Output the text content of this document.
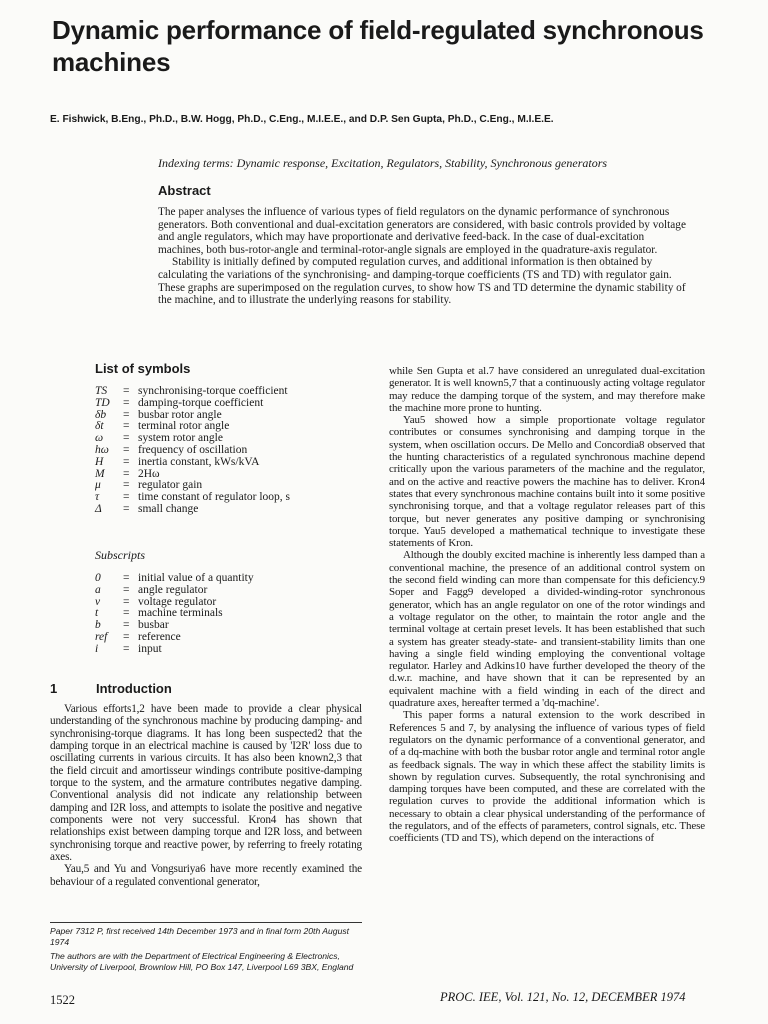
Dynamic performance of field-regulated synchronous machines
E. Fishwick, B.Eng., Ph.D., B.W. Hogg, Ph.D., C.Eng., M.I.E.E., and D.P. Sen Gupta, Ph.D., C.Eng., M.I.E.E.
Indexing terms: Dynamic response, Excitation, Regulators, Stability, Synchronous generators
Abstract

The paper analyses the influence of various types of field regulators on the dynamic performance of synchronous generators. Both conventional and dual-excitation generators are considered, with basic controls provided by voltage and angle regulators, which may have proportionate and derivative feed-back. In the case of dual-excitation machines, both bus-rotor-angle and terminal-rotor-angle signals are employed in the quadrature-axis regulator.

Stability is initially defined by computed regulation curves, and additional information is then obtained by calculating the variations of the synchronising- and damping-torque coefficients (TS and TD) with regulator gain. These graphs are superimposed on the regulation curves, to show how TS and TD determine the dynamic stability of the machine, and to illustrate the underlying reasons for stability.

List of symbols
TS	=	synchronising-torque coefficient
TD	=	damping-torque coefficient
δb	=	busbar rotor angle
δt	=	terminal rotor angle
ω	=	system rotor angle
hω	=	frequency of oscillation
H	=	inertia constant, kWs/kVA
M	=	2Hω
μ	=	regulator gain
τ	=	time constant of regulator loop, s
Δ	=	small change
Subscripts
0	=	initial value of a quantity
a	=	angle regulator
v	=	voltage regulator
t	=	machine terminals
b	=	busbar
ref	=	reference
i	=	input
1	Introduction

Various efforts1,2 have been made to provide a clear physical understanding of the synchronous machine by producing damping- and synchronising-torque diagrams. It has long been suspected2 that the damping torque in an electrical machine is caused by 'I2R' loss due to oscillating currents in various circuits. It has also been known2,3 that the field circuit and amortisseur windings contribute positive-damping torque to the system, and the armature contributes negative damping. Conventional analysis did not indicate any relationship between damping and I2R loss, and attempts to isolate the positive and negative components were not very successful. Kron4 has shown that relationships exist between damping torque and I2R loss, and between synchronising torque and reactive power, by referring to freely rotating axes.

Yau,5 and Yu and Vongsuriya6 have more recently examined the behaviour of a regulated conventional generator,

while Sen Gupta et al.7 have considered an unregulated dual-excitation generator. It is well known5,7 that a continuously acting voltage regulator may reduce the damping torque of the system, and may therefore make the machine more prone to hunting.

Yau5 showed how a simple proportionate voltage regulator contributes or consumes synchronising and damping torque in the system, when oscillation occurs. De Mello and Concordia8 observed that the hunting characteristics of a regulated synchronous machine depend critically upon the various parameters of the machine and the regulator, and on the active and reactive powers the machine has to deliver. Kron4 states that every synchronous machine contains built into it some positive synchronising torque, and that a voltage regulator releases part of this torque, but never generates any positive damping or synchronising torque. Yau5 developed a mathematical technique to investigate these statements of Kron.

Although the doubly excited machine is inherently less damped than a conventional machine, the presence of an additional control system on the second field winding can more than compensate for this deficiency.9 Soper and Fagg9 developed a divided-winding-rotor synchronous generator, which has an angle regulator on one of the rotor windings and a voltage regulator on the other, to maintain the rotor angle and the terminal voltage at certain preset levels. It has been established that such a system has greater steady-state- and transient-stability limits than one having a single field winding employing the conventional voltage regulator. Harley and Adkins10 have further developed the theory of the d.w.r. machine, and have shown that it can be represented by an equivalent machine with a field winding in each of the direct and quadrature axes, hereafter termed a 'dq-machine'.

This paper forms a natural extension to the work described in References 5 and 7, by analysing the influence of various types of field regulators on the dynamic performance of a conventional generator, and of a dq-machine with both the busbar rotor angle and terminal rotor angle as feedback signals. The way in which these affect the stability limits is shown by regulation curves. Subsequently, the rotal synchronising and damping torques have been computed, and these are correlated with the regulation curves to provide the additional information which is necessary to obtain a clear physical understanding of the performance of the regulators, and of the effects of parameters, control signals, etc. These coefficients (TD and TS), which depend on the interactions of

Paper 7312 P, first received 14th December 1973 and in final form 20th August 1974
The authors are with the Department of Electrical Engineering & Electronics, University of Liverpool, Brownlow Hill, PO Box 147, Liverpool L69 3BX, England
1522	PROC. IEE, Vol. 121, No. 12, DECEMBER 1974
